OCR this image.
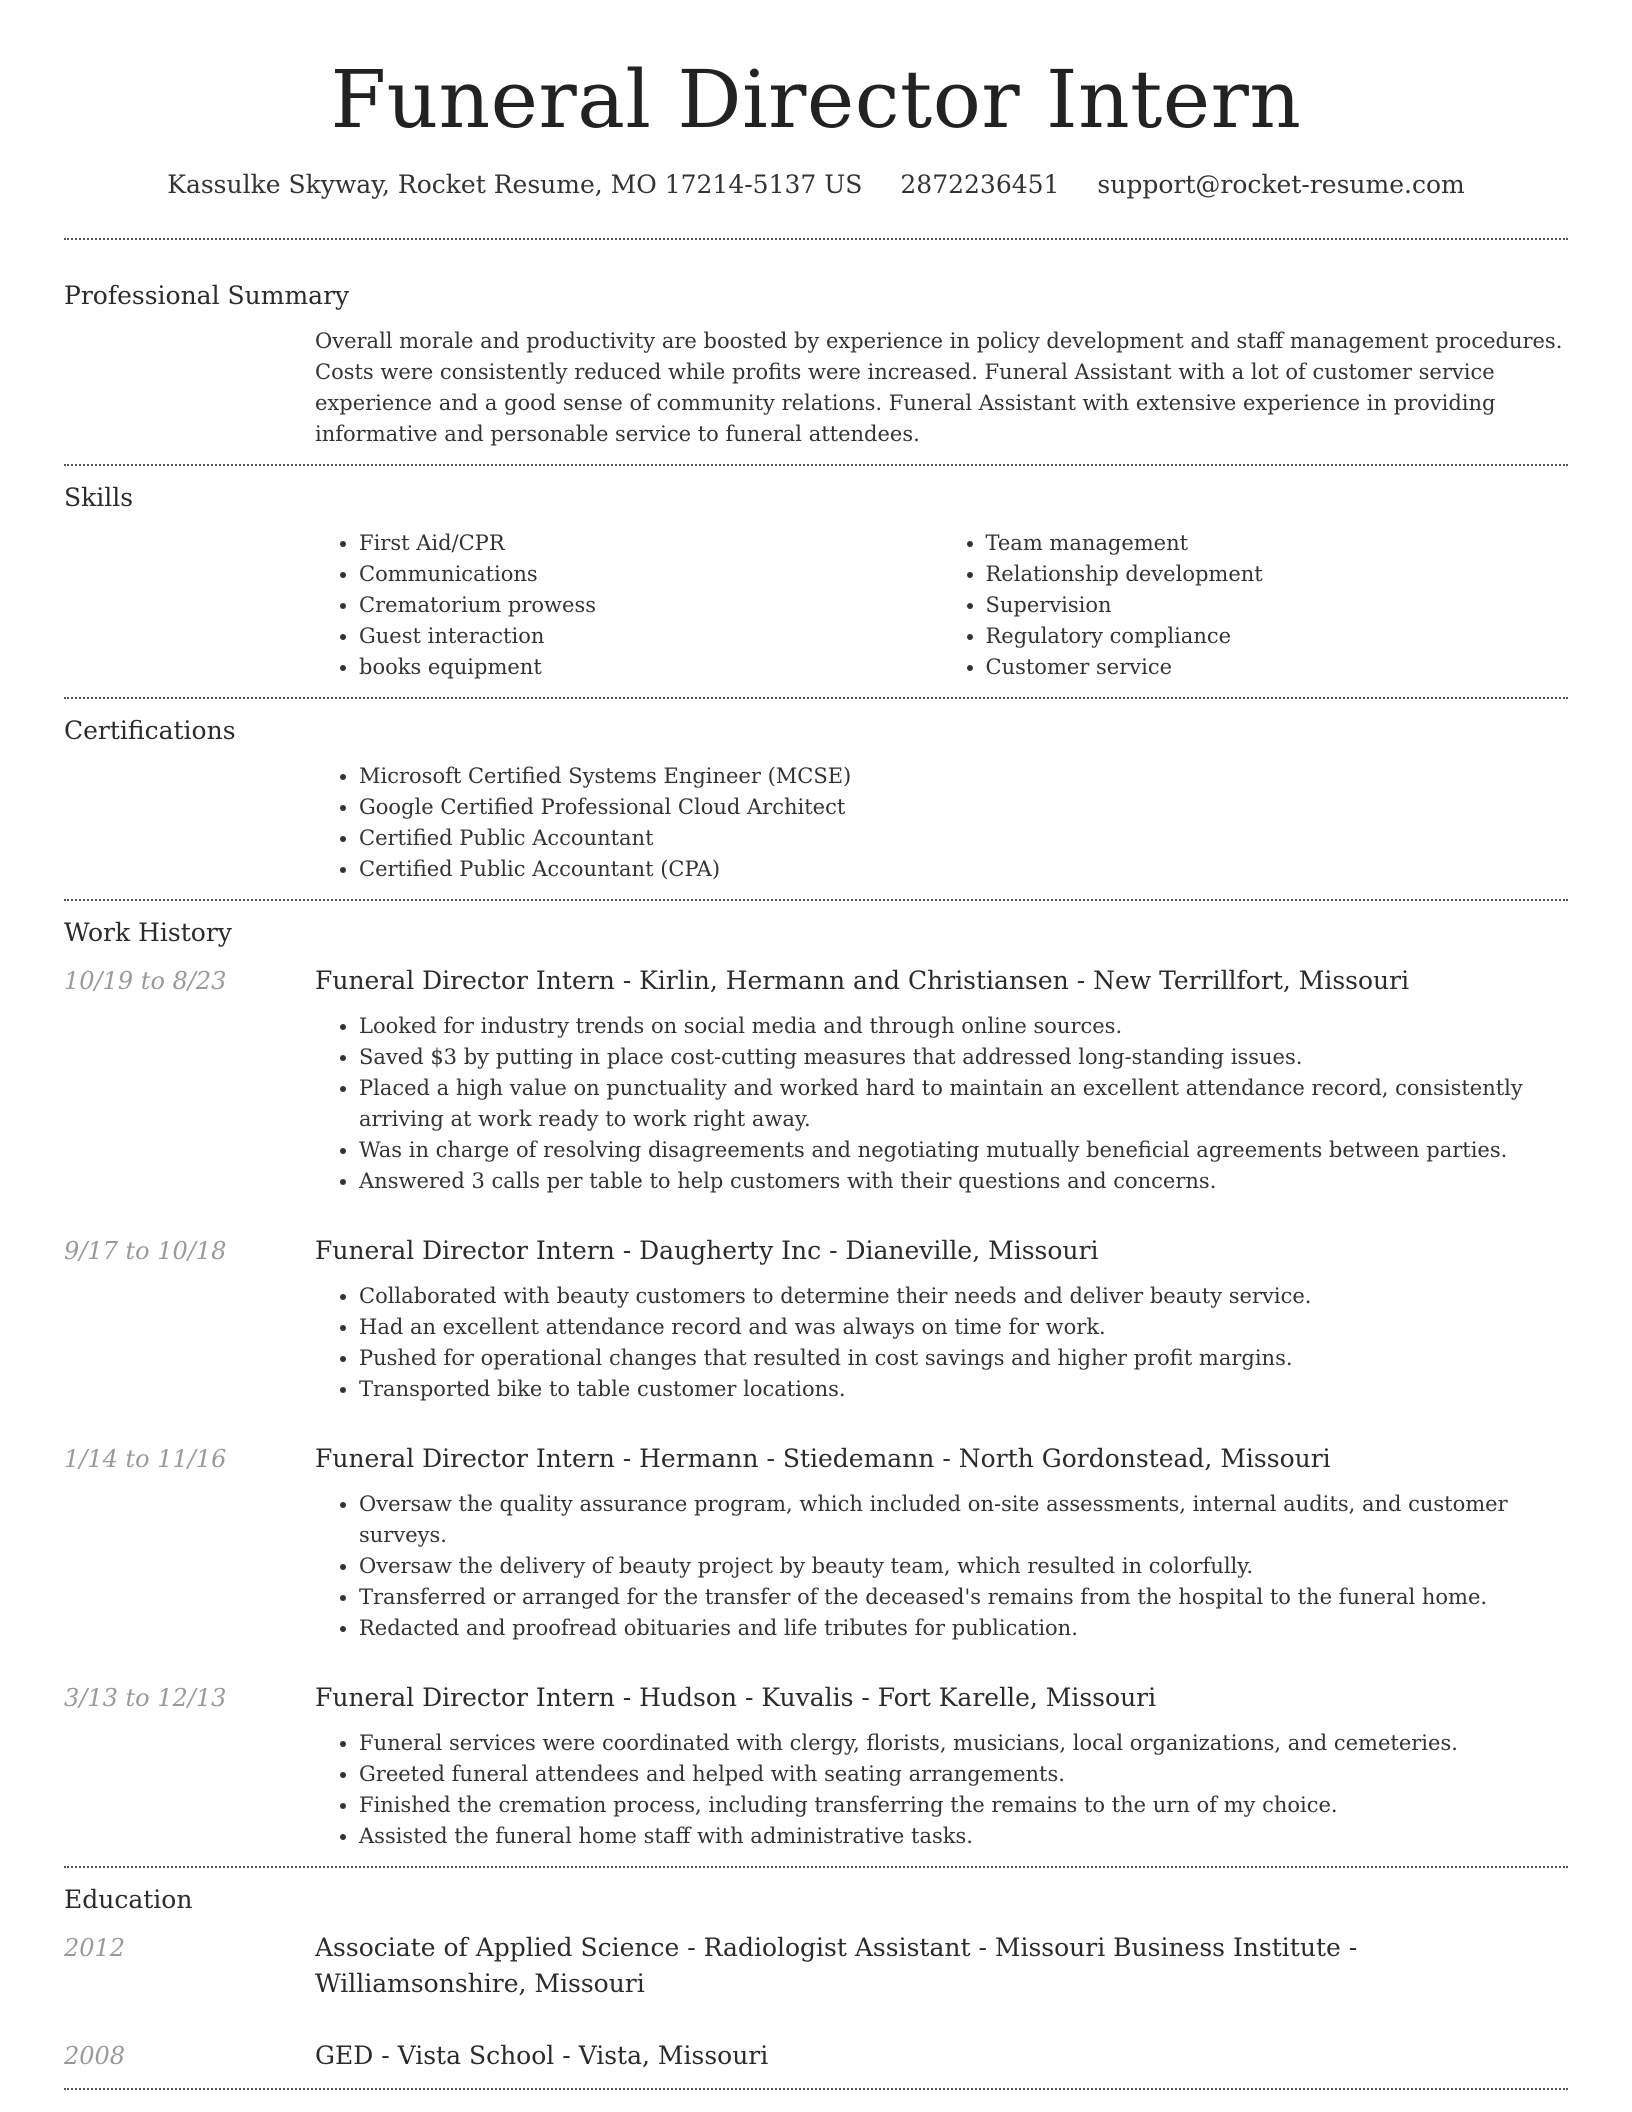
Funeral Director Intern
Kassulke Skyway, Rocket Resume, MO 17214-5137 US 2872236451 support@rocket-resume.com
Professional Summary

Overall morale and productivity are boosted by experience in policy development and staff management procedures. Costs were consistently reduced while profits were increased. Funeral Assistant with a lot of customer service experience and a good sense of community relations. Funeral Assistant with extensive experience in providing informative and personable service to funeral attendees.

Skills
• First Aid/CPR
• Communications
• Crematorium prowess
• Guest interaction
• books equipment
• Team management
• Relationship development
• Supervision
• Regulatory compliance
• Customer service
Certifications
• Microsoft Certified Systems Engineer (MCSE)
• Google Certified Professional Cloud Architect
• Certified Public Accountant
• Certified Public Accountant (CPA)
Work History
10/19 to 8/23	Funeral Director Intern - Kirlin, Hermann and Christiansen - New Terrillfort, Missouri
• Looked for industry trends on social media and through online sources.
• Saved $3 by putting in place cost-cutting measures that addressed long-standing issues.
• Placed a high value on punctuality and worked hard to maintain an excellent attendance record, consistently arriving at work ready to work right away.
• Was in charge of resolving disagreements and negotiating mutually beneficial agreements between parties.
• Answered 3 calls per table to help customers with their questions and concerns.
9/17 to 10/18	Funeral Director Intern - Daugherty Inc - Dianeville, Missouri
• Collaborated with beauty customers to determine their needs and deliver beauty service.
• Had an excellent attendance record and was always on time for work.
• Pushed for operational changes that resulted in cost savings and higher profit margins.
• Transported bike to table customer locations.
1/14 to 11/16	Funeral Director Intern - Hermann - Stiedemann - North Gordonstead, Missouri
• Oversaw the quality assurance program, which included on-site assessments, internal audits, and customer surveys.
• Oversaw the delivery of beauty project by beauty team, which resulted in colorfully.
• Transferred or arranged for the transfer of the deceased's remains from the hospital to the funeral home.
• Redacted and proofread obituaries and life tributes for publication.
3/13 to 12/13	Funeral Director Intern - Hudson - Kuvalis - Fort Karelle, Missouri
• Funeral services were coordinated with clergy, florists, musicians, local organizations, and cemeteries.
• Greeted funeral attendees and helped with seating arrangements.
• Finished the cremation process, including transferring the remains to the urn of my choice.
• Assisted the funeral home staff with administrative tasks.
Education
2012	Associate of Applied Science - Radiologist Assistant - Missouri Business Institute - Williamsonshire, Missouri
2008	GED - Vista School - Vista, Missouri
